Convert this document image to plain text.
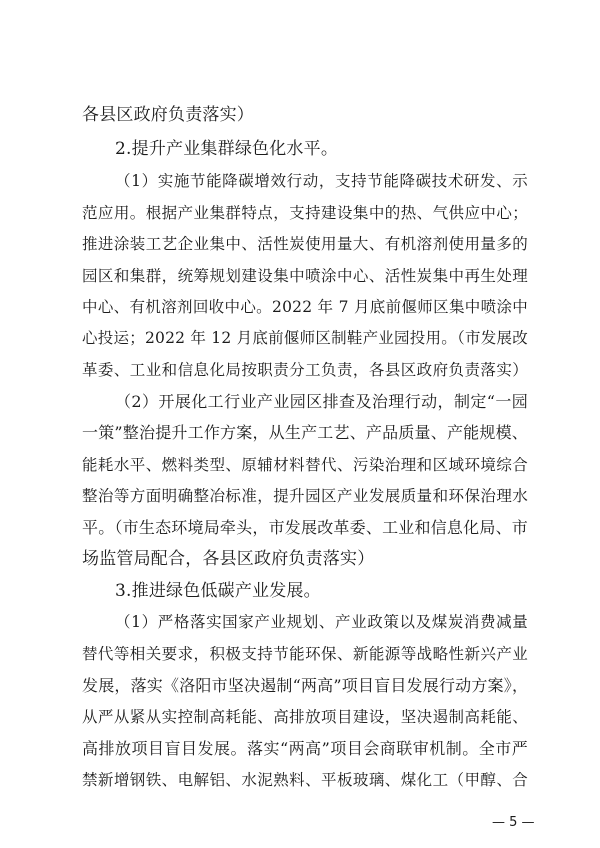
各县区政府负责落实）
2.提升产业集群绿色化水平。
（1）实施节能降碳增效行动，支持节能降碳技术研发、示
范应用。根据产业集群特点，支持建设集中的热、气供应中心；
推进涂装工艺企业集中、活性炭使用量大、有机溶剂使用量多的
园区和集群，统筹规划建设集中喷涂中心、活性炭集中再生处理
中心、有机溶剂回收中心。2022 年 7 月底前偃师区集中喷涂中
心投运；2022 年 12 月底前偃师区制鞋产业园投用。（市发展改
革委、工业和信息化局按职责分工负责，各县区政府负责落实）
（2）开展化工行业产业园区排查及治理行动，制定“一园
一策”整治提升工作方案，从生产工艺、产品质量、产能规模、
能耗水平、燃料类型、原辅材料替代、污染治理和区域环境综合
整治等方面明确整冶标准，提升园区产业发展质量和环保治理水
平。（市生态环境局牵头，市发展改革委、工业和信息化局、市
场监管局配合，各县区政府负责落实）
3.推进绿色低碳产业发展。
（1）严格落实国家产业规划、产业政策以及煤炭消费减量
替代等相关要求，积极支持节能环保、新能源等战略性新兴产业
发展，落实《洛阳市坚决遏制“两高”项目盲目发展行动方案》，
从严从紧从实控制高耗能、高排放项目建设，坚决遏制高耗能、
高排放项目盲目发展。落实“两高”项目会商联审机制。全市严
禁新增钢铁、电解铝、水泥熟料、平板玻璃、煤化工（甲醇、合
— 5 —
